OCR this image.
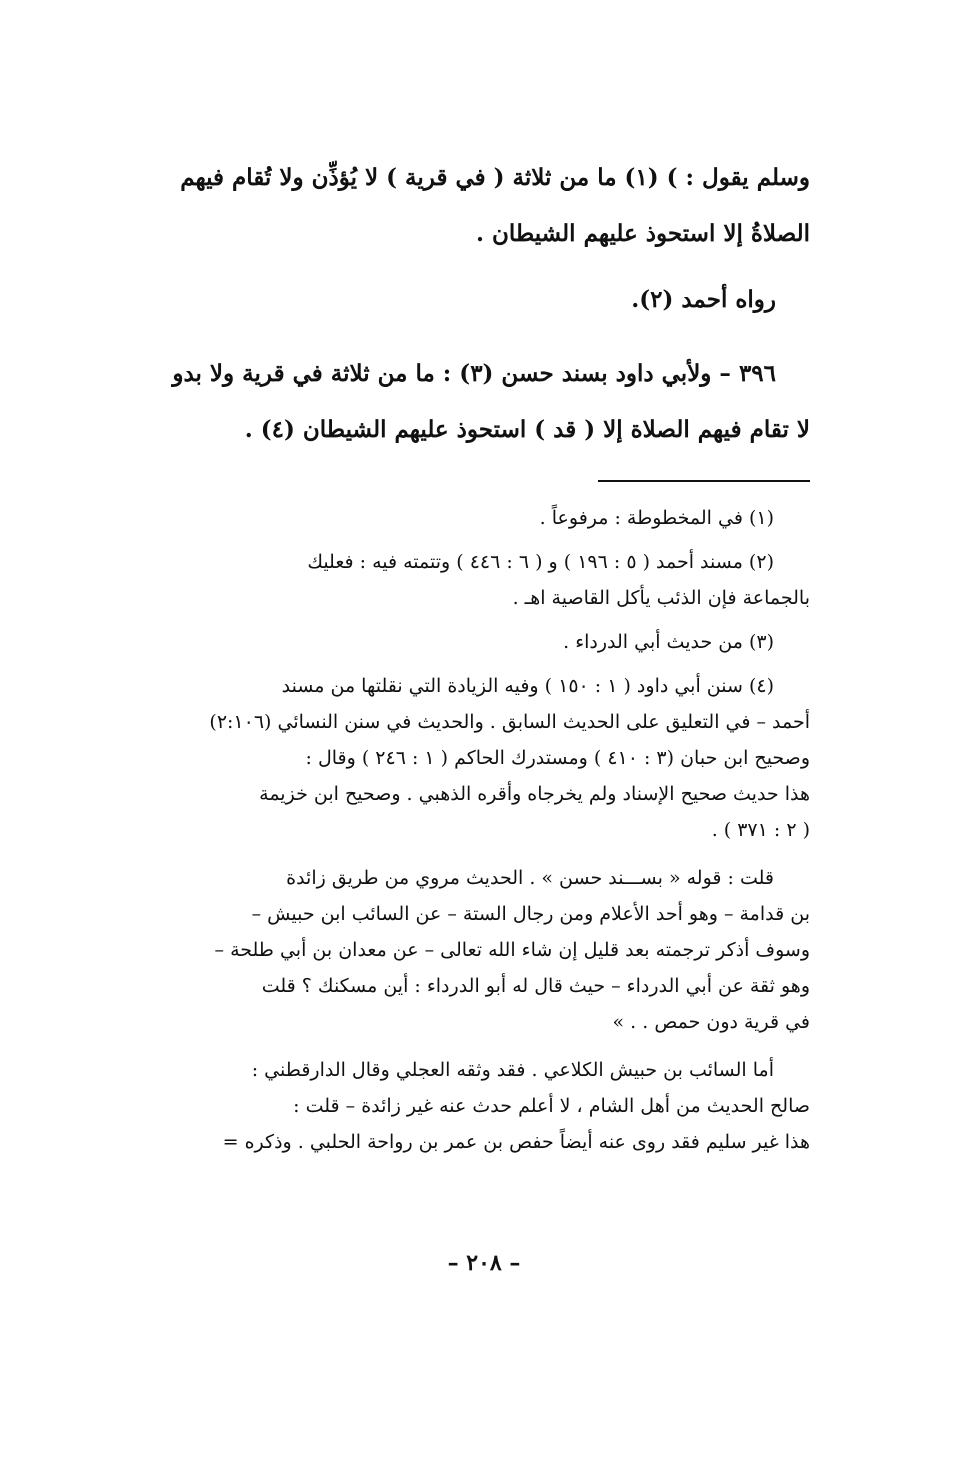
وسلم يقول : ) (١) ما من ثلاثة ( في قرية ) لا يُؤذِّن ولا تُقام فيهم
الصلاةُ إلا استحوذ عليهم الشيطان .

رواه أحمد (٢).

٣٩٦ – ولأبي داود بسند حسن (٣) : ما من ثلاثة في قرية ولا بدو
لا تقام فيهم الصلاة إلا ( قد ) استحوذ عليهم الشيطان (٤) .

(١) في المخطوطة : مرفوعاً .

(٢) مسند أحمد ( ٥ : ١٩٦ ) و ( ٦ : ٤٤٦ ) وتتمته فيه : فعليك
بالجماعة فإن الذئب يأكل القاصية اهـ .

(٣) من حديث أبي الدرداء .

(٤) سنن أبي داود ( ١ : ١٥٠ ) وفيه الزيادة التي نقلتها من مسند
أحمد – في التعليق على الحديث السابق . والحديث في سنن النسائي (٢:١٠٦)
وصحيح ابن حبان (٣ : ٤١٠ ) ومستدرك الحاكم ( ١ : ٢٤٦ ) وقال :
هذا حديث صحيح الإسناد ولم يخرجاه وأقره الذهبي . وصحيح ابن خزيمة
( ٢ : ٣٧١ ) .

قلت : قوله « بســـند حسن » . الحديث مروي من طريق زائدة
بن قدامة – وهو أحد الأعلام ومن رجال الستة – عن السائب ابن حبيش –
وسوف أذكر ترجمته بعد قليل إن شاء الله تعالى – عن معدان بن أبي طلحة –
وهو ثقة عن أبي الدرداء – حيث قال له أبو الدرداء : أين مسكنك ؟ قلت
في قرية دون حمص . . »

أما السائب بن حبيش الكلاعي . فقد وثقه العجلي وقال الدارقطني :
صالح الحديث من أهل الشام ، لا أعلم حدث عنه غير زائدة – قلت :
هذا غير سليم فقد روى عنه أيضاً حفص بن عمر بن رواحة الحلبي . وذكره =

– ٢٠٨ –
